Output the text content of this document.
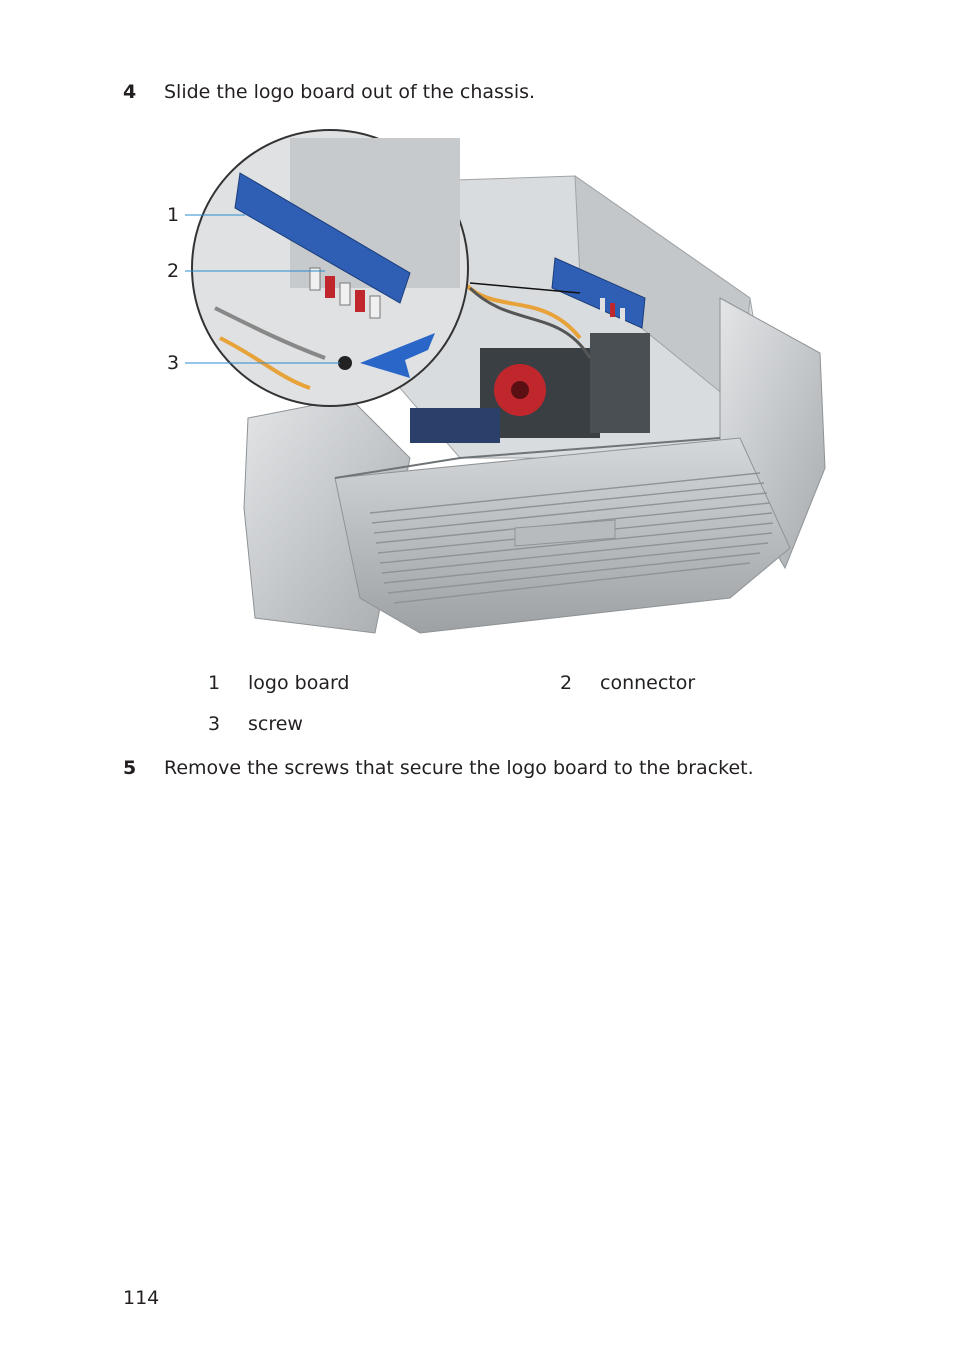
4 Slide the logo board out of the chassis.
1
2
3
1 logo board	2 connector
3 screw
5 Remove the screws that secure the logo board to the bracket.
114
